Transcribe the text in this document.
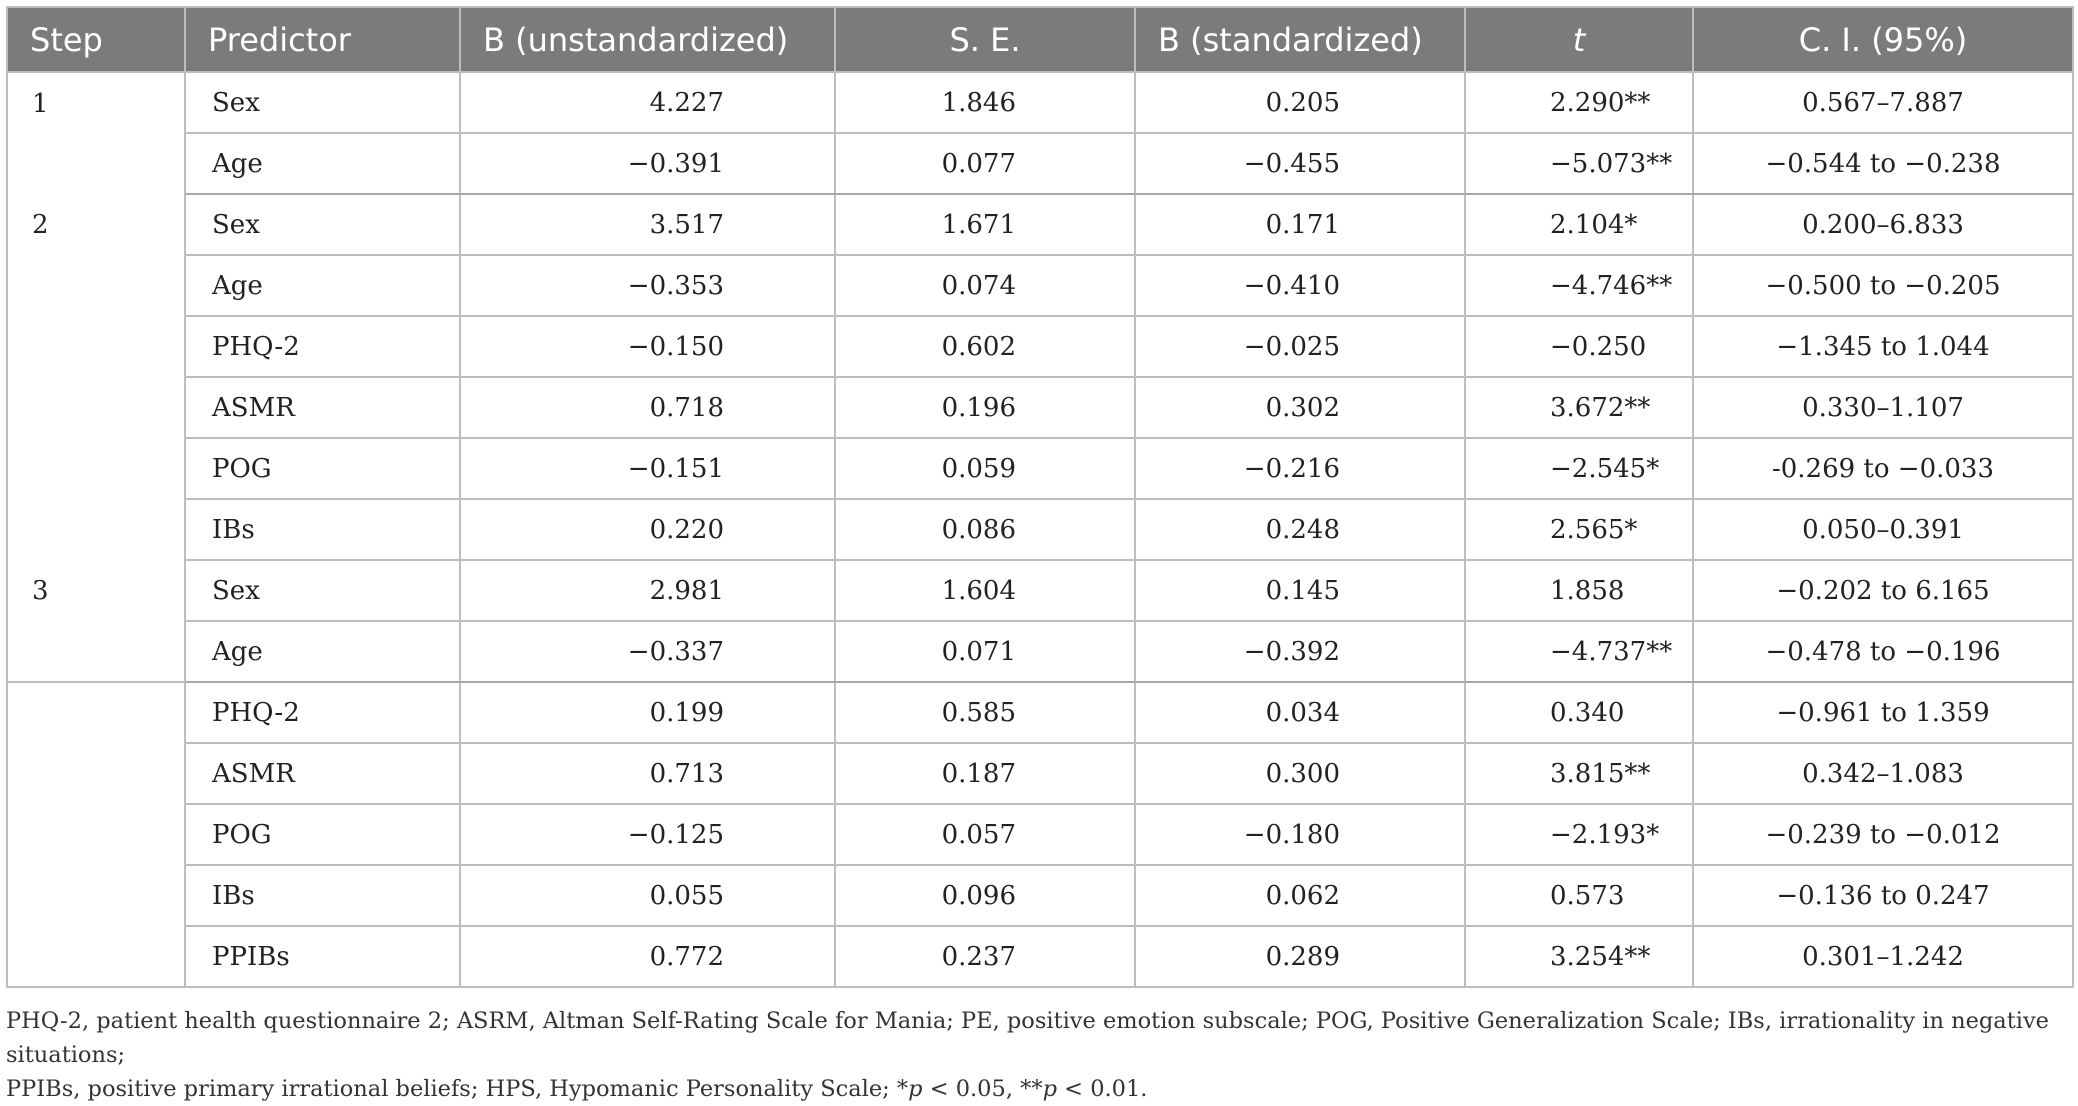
Step	Predictor	B (unstandardized)	S. E.	B (standardized)	t	C. I. (95%)
1	Sex	4.227	1.846	0.205	2.290**	0.567–7.887
	Age	−0.391	0.077	−0.455	−5.073**	−0.544 to −0.238
2	Sex	3.517	1.671	0.171	2.104*	0.200–6.833
	Age	−0.353	0.074	−0.410	−4.746**	−0.500 to −0.205
	PHQ-2	−0.150	0.602	−0.025	−0.250	−1.345 to 1.044
	ASMR	0.718	0.196	0.302	3.672**	0.330–1.107
	POG	−0.151	0.059	−0.216	−2.545*	-0.269 to −0.033
	IBs	0.220	0.086	0.248	2.565*	0.050–0.391
3	Sex	2.981	1.604	0.145	1.858	−0.202 to 6.165
	Age	−0.337	0.071	−0.392	−4.737**	−0.478 to −0.196
	PHQ-2	0.199	0.585	0.034	0.340	−0.961 to 1.359
	ASMR	0.713	0.187	0.300	3.815**	0.342–1.083
	POG	−0.125	0.057	−0.180	−2.193*	−0.239 to −0.012
	IBs	0.055	0.096	0.062	0.573	−0.136 to 0.247
	PPIBs	0.772	0.237	0.289	3.254**	0.301–1.242
PHQ-2, patient health questionnaire 2; ASRM, Altman Self-Rating Scale for Mania; PE, positive emotion subscale; POG, Positive Generalization Scale; IBs, irrationality in negative situations;
PPIBs, positive primary irrational beliefs; HPS, Hypomanic Personality Scale; *p < 0.05, **p < 0.01.
